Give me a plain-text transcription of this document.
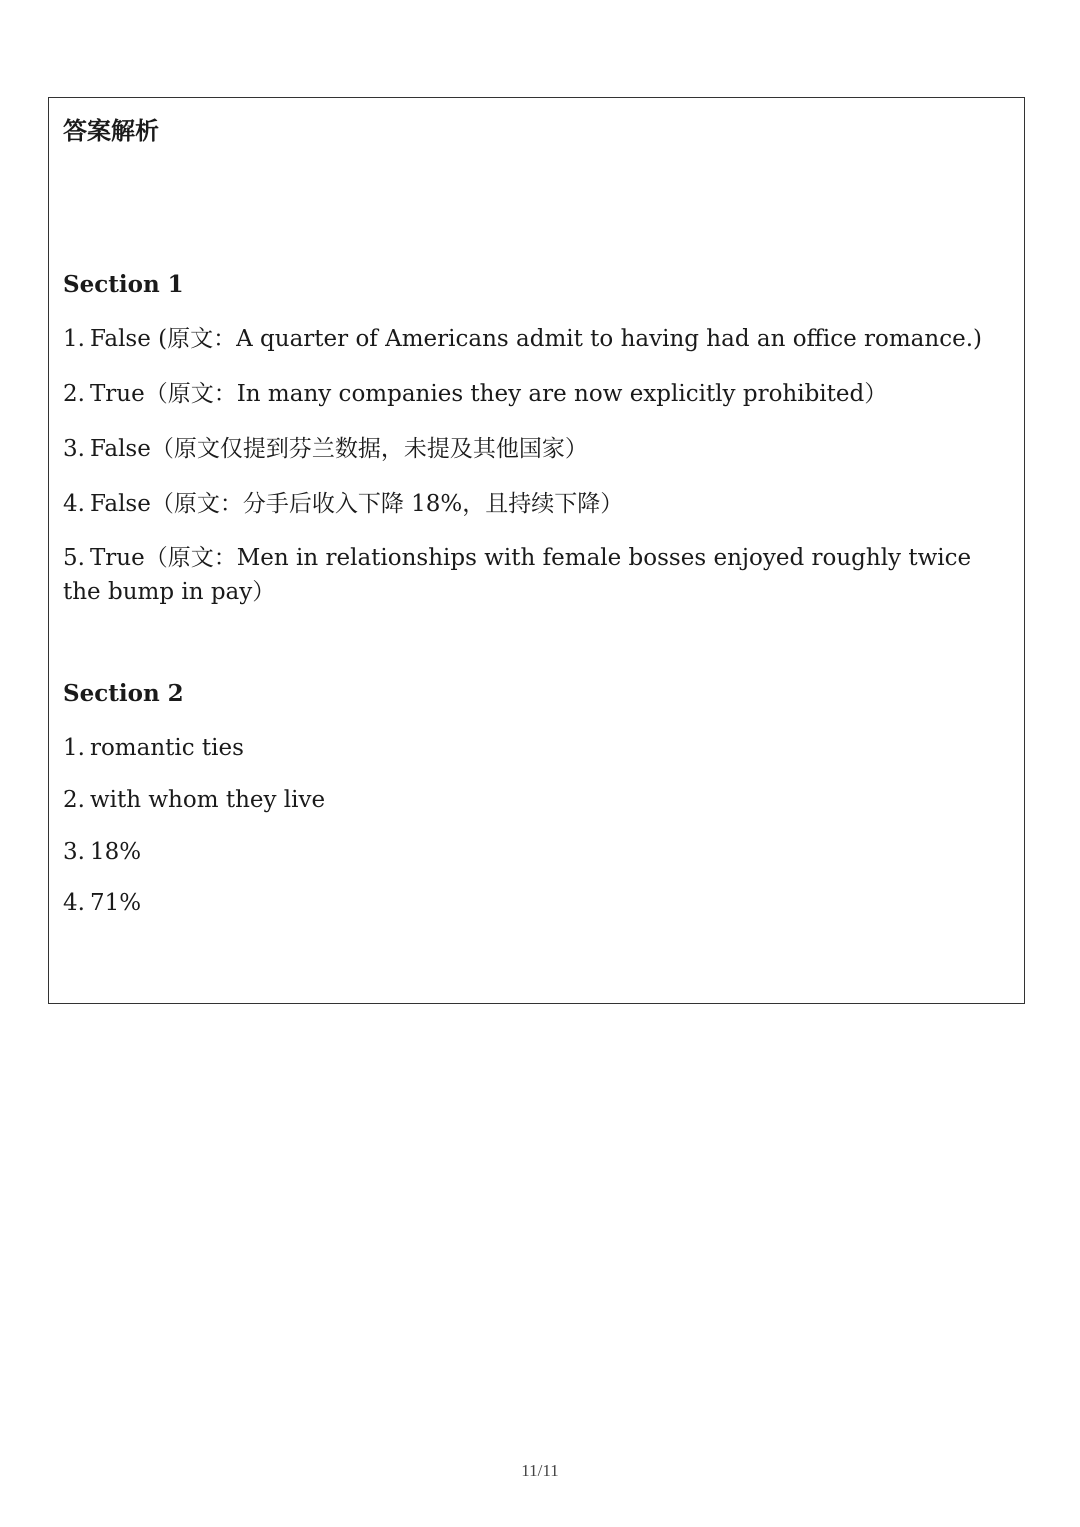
答案解析
Section 1
1. False (原文：A quarter of Americans admit to having had an office romance.)
2. True（原文：In many companies they are now explicitly prohibited）
3. False（原文仅提到芬兰数据，未提及其他国家）
4. False（原文：分手后收入下降 18%，且持续下降）
5. True（原文：Men in relationships with female bosses enjoyed roughly twice the bump in pay）
Section 2
1. romantic ties
2. with whom they live
3. 18%
4. 71%
11/11
